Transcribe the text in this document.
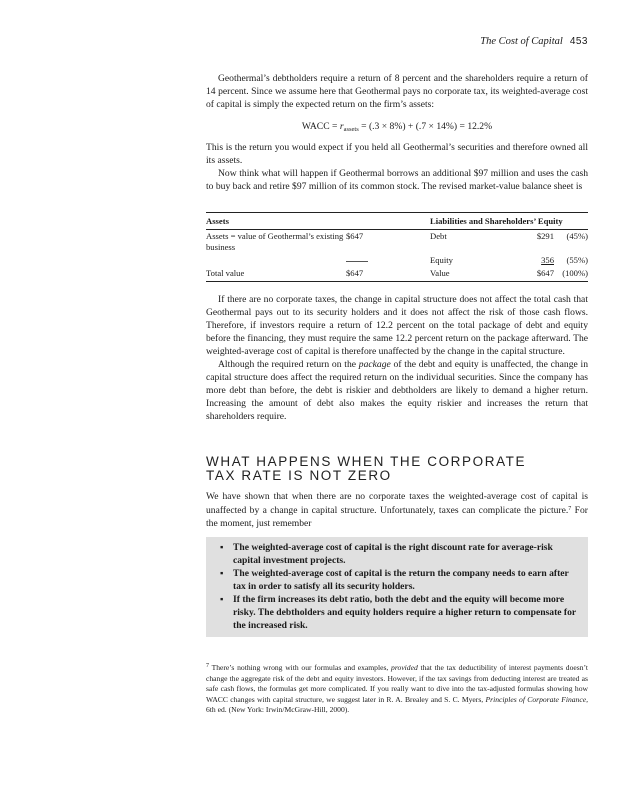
The Cost of Capital 453

Geothermal’s debtholders require a return of 8 percent and the shareholders require a return of 14 percent. Since we assume here that Geothermal pays no corporate tax, its weighted-average cost of capital is simply the expected return on the firm’s assets:

WACC = $r_{assets} = (.3 \times 8\%) + (.7 \times 14\%) = 12.2\%$

This is the return you would expect if you held all Geothermal’s securities and therefore owned all its assets.

Now think what will happen if Geothermal borrows an additional $97 million and uses the cash to buy back and retire $97 million of its common stock. The revised market-value balance sheet is

Assets			Liabilities and Shareholders’ Equity		
Assets = value of Geothermal’s existing business	$647		Debt	$291	(45%)
			Equity	356	(55%)
Total value	$647		Value	$647	(100%)

If there are no corporate taxes, the change in capital structure does not affect the total cash that Geothermal pays out to its security holders and it does not affect the risk of those cash flows. Therefore, if investors require a return of 12.2 percent on the total package of debt and equity before the financing, they must require the same 12.2 percent return on the package afterward. The weighted-average cost of capital is therefore unaffected by the change in the capital structure.

Although the required return on the package of the debt and equity is unaffected, the change in capital structure does affect the required return on the individual securities. Since the company has more debt than before, the debt is riskier and debtholders are likely to demand a higher return. Increasing the amount of debt also makes the equity riskier and increases the return that shareholders require.

WHAT HAPPENS WHEN THE CORPORATE
TAX RATE IS NOT ZERO

We have shown that when there are no corporate taxes the weighted-average cost of capital is unaffected by a change in capital structure. Unfortunately, taxes can complicate the picture.$^7$ For the moment, just remember

▪ The weighted-average cost of capital is the right discount rate for average-risk capital investment projects.
▪ The weighted-average cost of capital is the return the company needs to earn after tax in order to satisfy all its security holders.
▪ If the firm increases its debt ratio, both the debt and the equity will become more risky. The debtholders and equity holders require a higher return to compensate for the increased risk.
$^7$ There’s nothing wrong with our formulas and examples, provided that the tax deductibility of interest payments doesn’t change the aggregate risk of the debt and equity investors. However, if the tax savings from deducting interest are treated as safe cash flows, the formulas get more complicated. If you really want to dive into the tax-adjusted formulas showing how WACC changes with capital structure, we suggest later in R. A. Brealey and S. C. Myers, Principles of Corporate Finance, 6th ed. (New York: Irwin/McGraw-Hill, 2000).
